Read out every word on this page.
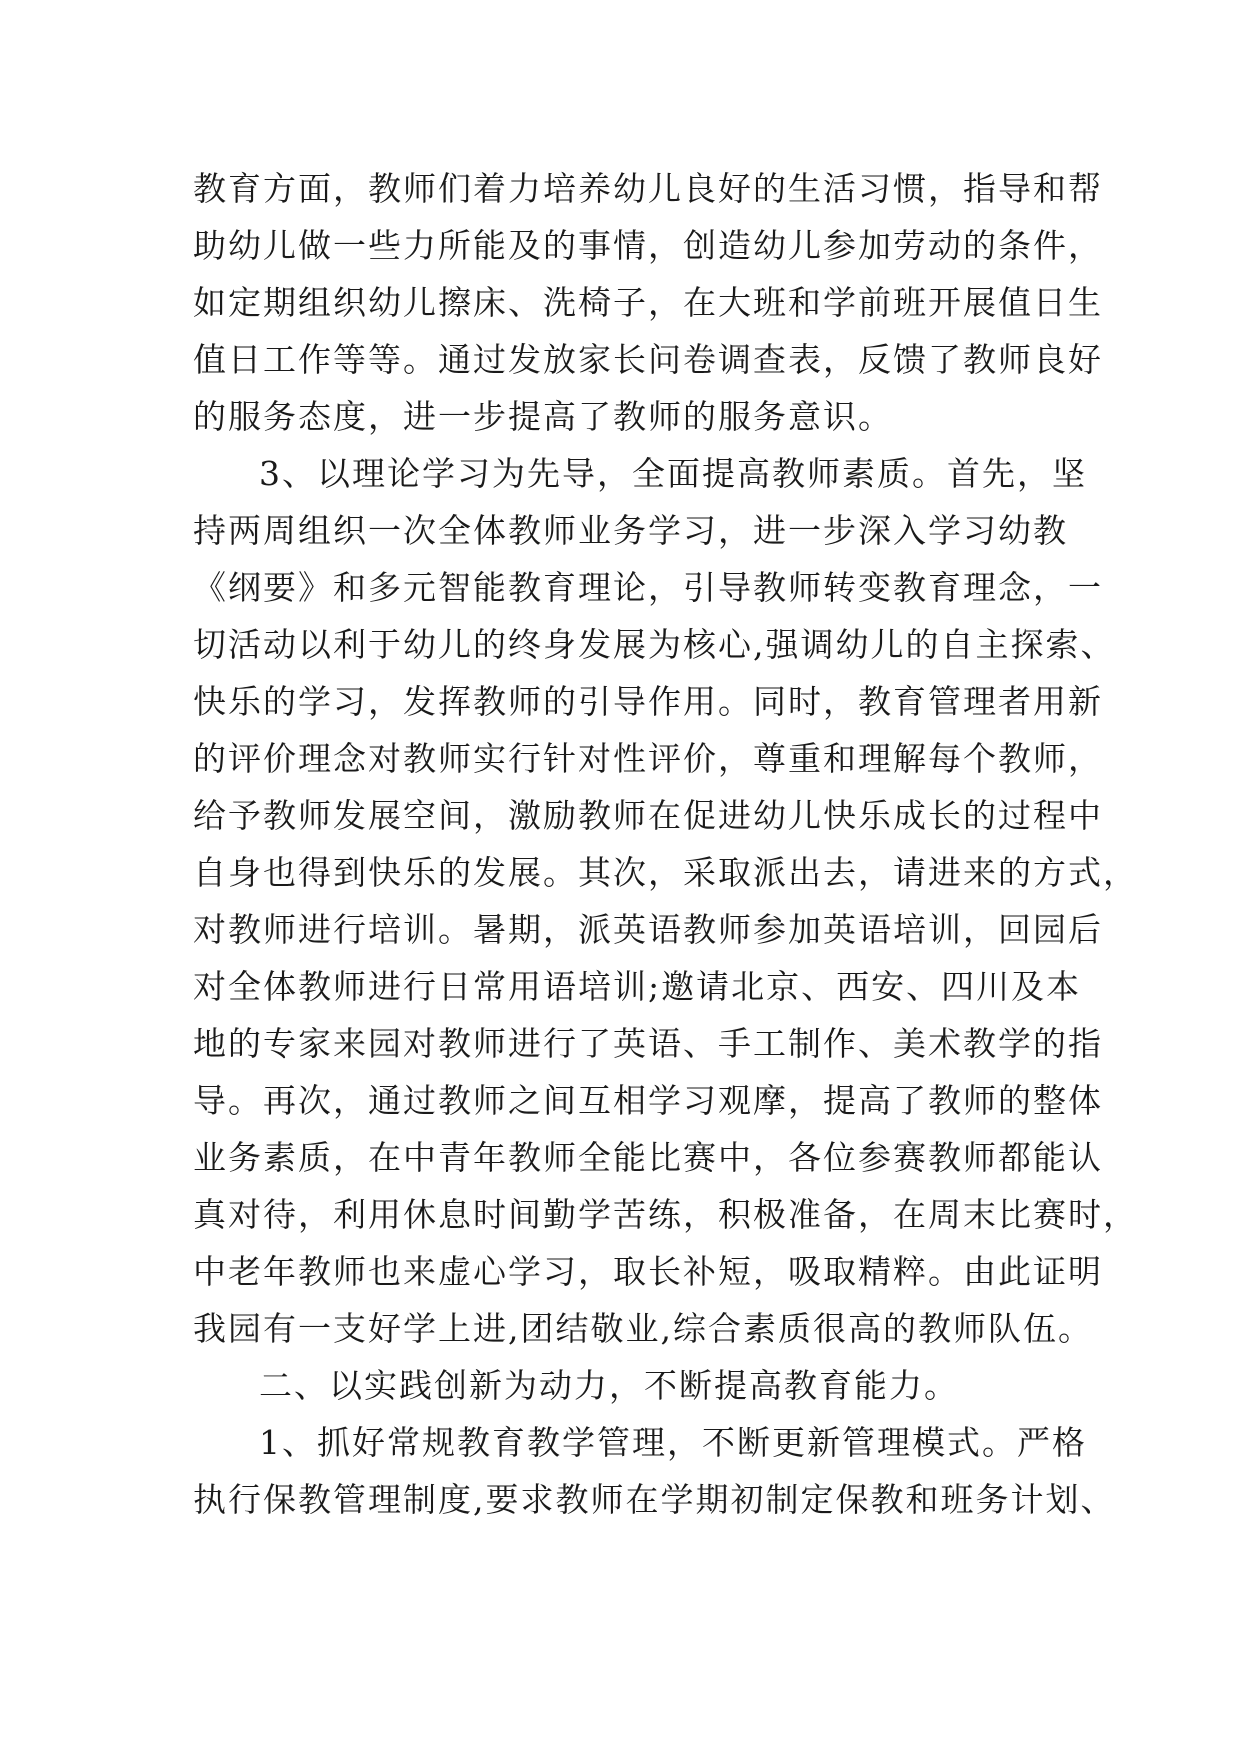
教育方面，教师们着力培养幼儿良好的生活习惯，指导和帮
助幼儿做一些力所能及的事情，创造幼儿参加劳动的条件，
如定期组织幼儿擦床、洗椅子，在大班和学前班开展值日生
值日工作等等。通过发放家长问卷调查表，反馈了教师良好
的服务态度，进一步提高了教师的服务意识。
3、以理论学习为先导，全面提高教师素质。首先，坚
持两周组织一次全体教师业务学习，进一步深入学习幼教
《纲要》和多元智能教育理论，引导教师转变教育理念，一
切活动以利于幼儿的终身发展为核心,强调幼儿的自主探索、
快乐的学习，发挥教师的引导作用。同时，教育管理者用新
的评价理念对教师实行针对性评价，尊重和理解每个教师，
给予教师发展空间，激励教师在促进幼儿快乐成长的过程中
自身也得到快乐的发展。其次，采取派出去，请进来的方式，
对教师进行培训。暑期，派英语教师参加英语培训，回园后
对全体教师进行日常用语培训;邀请北京、西安、四川及本
地的专家来园对教师进行了英语、手工制作、美术教学的指
导。再次，通过教师之间互相学习观摩，提高了教师的整体
业务素质，在中青年教师全能比赛中，各位参赛教师都能认
真对待，利用休息时间勤学苦练，积极准备，在周末比赛时，
中老年教师也来虚心学习，取长补短，吸取精粹。由此证明
我园有一支好学上进,团结敬业,综合素质很高的教师队伍。
二、以实践创新为动力，不断提高教育能力。
1、抓好常规教育教学管理，不断更新管理模式。严格
执行保教管理制度,要求教师在学期初制定保教和班务计划、
